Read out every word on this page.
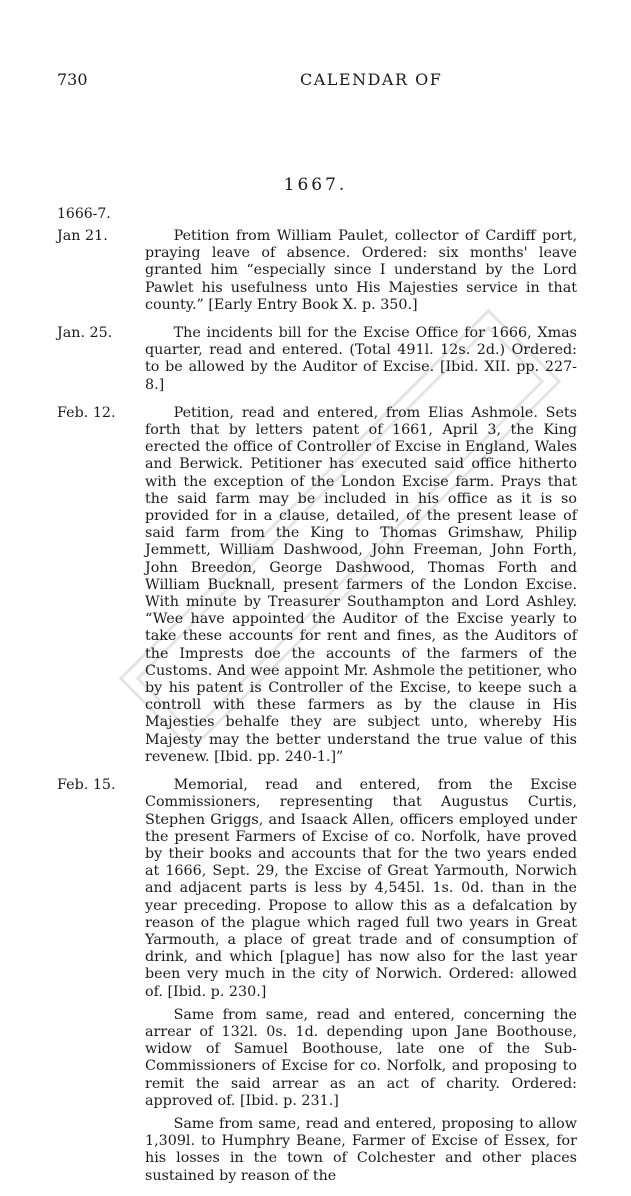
730	CALENDAR OF
1667.
1666-7.
Jan 21.	Petition from William Paulet, collector of Cardiff port, praying leave of absence. Ordered: six months' leave granted him “especially since I understand by the Lord Pawlet his usefulness unto His Majesties service in that county.” [Early Entry Book X. p. 350.]

Jan. 25.	The incidents bill for the Excise Office for 1666, Xmas quarter, read and entered. (Total 491l. 12s. 2d.) Ordered: to be allowed by the Auditor of Excise. [Ibid. XII. pp. 227-8.]

Feb. 12.	Petition, read and entered, from Elias Ashmole. Sets forth that by letters patent of 1661, April 3, the King erected the office of Controller of Excise in England, Wales and Berwick. Petitioner has executed said office hitherto with the exception of the London Excise farm. Prays that the said farm may be included in his office as it is so provided for in a clause, detailed, of the present lease of said farm from the King to Thomas Grimshaw, Philip Jemmett, William Dashwood, John Freeman, John Forth, John Breedon, George Dashwood, Thomas Forth and William Bucknall, present farmers of the London Excise. With minute by Treasurer Southampton and Lord Ashley. “Wee have appointed the Auditor of the Excise yearly to take these accounts for rent and fines, as the Auditors of the Imprests doe the accounts of the farmers of the Customs. And wee appoint Mr. Ashmole the petitioner, who by his patent is Controller of the Excise, to keepe such a controll with these farmers as by the clause in His Majesties behalfe they are subject unto, whereby His Majesty may the better understand the true value of this revenew. [Ibid. pp. 240-1.]”

Feb. 15.	Memorial, read and entered, from the Excise Commissioners, representing that Augustus Curtis, Stephen Griggs, and Isaack Allen, officers employed under the present Farmers of Excise of co. Norfolk, have proved by their books and accounts that for the two years ended at 1666, Sept. 29, the Excise of Great Yarmouth, Norwich and adjacent parts is less by 4,545l. 1s. 0d. than in the year preceding. Propose to allow this as a defalcation by reason of the plague which raged full two years in Great Yarmouth, a place of great trade and of consumption of drink, and which [plague] has now also for the last year been very much in the city of Norwich. Ordered: allowed of. [Ibid. p. 230.]

Same from same, read and entered, concerning the arrear of 132l. 0s. 1d. depending upon Jane Boothouse, widow of Samuel Boothouse, late one of the Sub-Commissioners of Excise for co. Norfolk, and proposing to remit the said arrear as an act of charity. Ordered: approved of. [Ibid. p. 231.]

Same from same, read and entered, proposing to allow 1,309l. to Humphry Beane, Farmer of Excise of Essex, for his losses in the town of Colchester and other places sustained by reason of the
